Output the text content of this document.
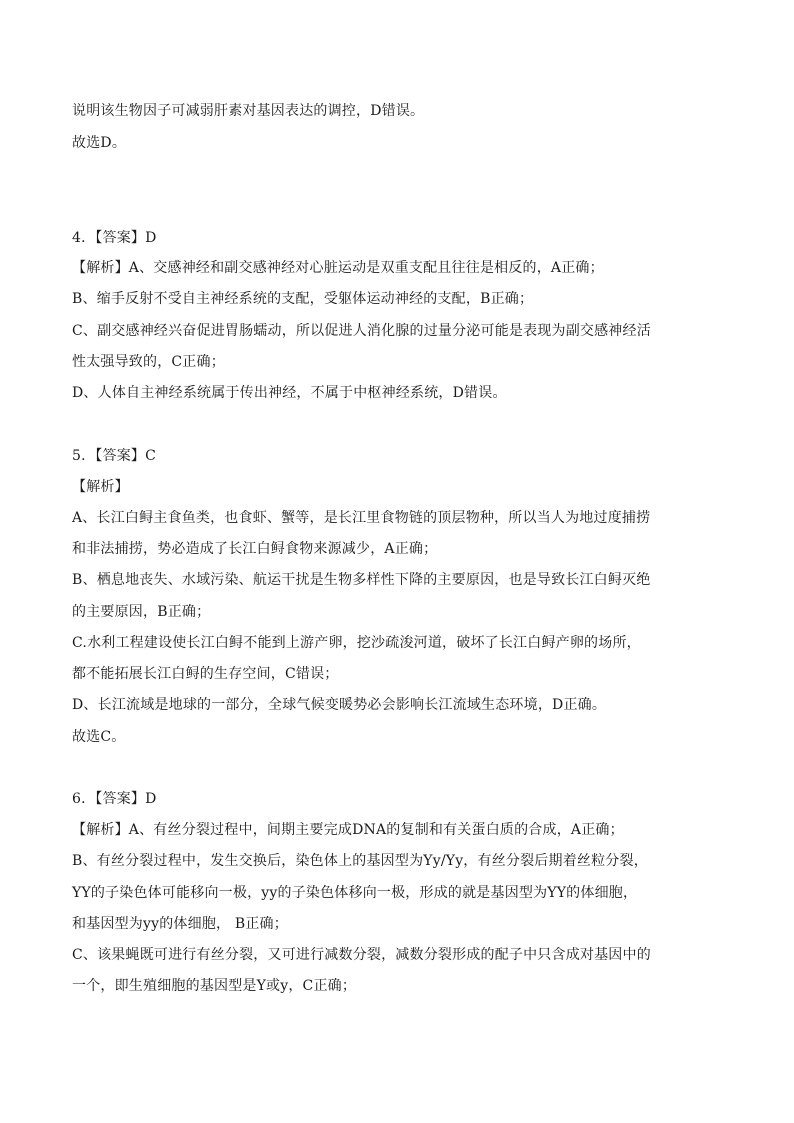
说明该生物因子可减弱肝素对基因表达的调控，D错误。
故选D。
4．【答案】D
【解析】A、交感神经和副交感神经对心脏运动是双重支配且往往是相反的，A正确；
B、缩手反射不受自主神经系统的支配，受躯体运动神经的支配，B正确；
C、副交感神经兴奋促进胃肠蠕动，所以促进人消化腺的过量分泌可能是表现为副交感神经活
性太强导致的，C正确；
D、人体自主神经系统属于传出神经，不属于中枢神经系统，D错误。
5．【答案】C
【解析】
A、长江白鲟主食鱼类，也食虾、蟹等，是长江里食物链的顶层物种，所以当人为地过度捕捞
和非法捕捞，势必造成了长江白鲟食物来源减少，A正确；
B、栖息地丧失、水域污染、航运干扰是生物多样性下降的主要原因，也是导致长江白鲟灭绝
的主要原因，B正确；
C.水利工程建设使长江白鲟不能到上游产卵，挖沙疏浚河道，破坏了长江白鲟产卵的场所，
都不能拓展长江白鲟的生存空间，C错误；
D、长江流域是地球的一部分，全球气候变暖势必会影响长江流域生态环境，D正确。
故选C。
6．【答案】D
【解析】A、有丝分裂过程中，间期主要完成DNA的复制和有关蛋白质的合成，A正确；
B、有丝分裂过程中，发生交换后，染色体上的基因型为Yy/Yy，有丝分裂后期着丝粒分裂，
YY的子染色体可能移向一极，yy的子染色体移向一极，形成的就是基因型为YY的体细胞，
和基因型为yy的体细胞， B正确；
C、该果蝇既可进行有丝分裂，又可进行减数分裂，减数分裂形成的配子中只含成对基因中的
一个，即生殖细胞的基因型是Y或y，C正确；
